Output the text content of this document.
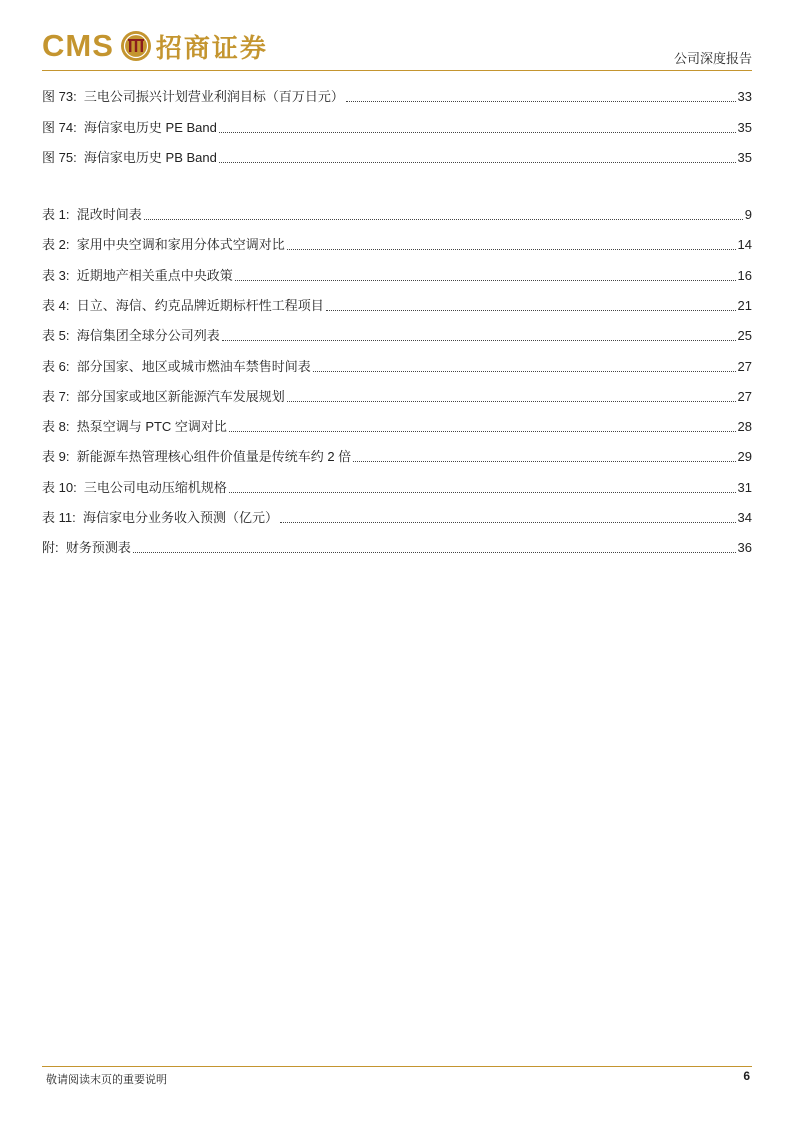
CMS 招商证券	公司深度报告
敬请阅读末页的重要说明	6
图 73: 三电公司振兴计划营业利润目标（百万日元）	33
图 74: 海信家电历史 PE Band	35
图 75: 海信家电历史 PB Band	35
表 1: 混改时间表	9
表 2: 家用中央空调和家用分体式空调对比	14
表 3: 近期地产相关重点中央政策	16
表 4: 日立、海信、约克品牌近期标杆性工程项目	21
表 5: 海信集团全球分公司列表	25
表 6: 部分国家、地区或城市燃油车禁售时间表	27
表 7: 部分国家或地区新能源汽车发展规划	27
表 8: 热泵空调与 PTC 空调对比	28
表 9: 新能源车热管理核心组件价值量是传统车约 2 倍	29
表 10: 三电公司电动压缩机规格	31
表 11: 海信家电分业务收入预测（亿元）	34
附: 财务预测表	36
